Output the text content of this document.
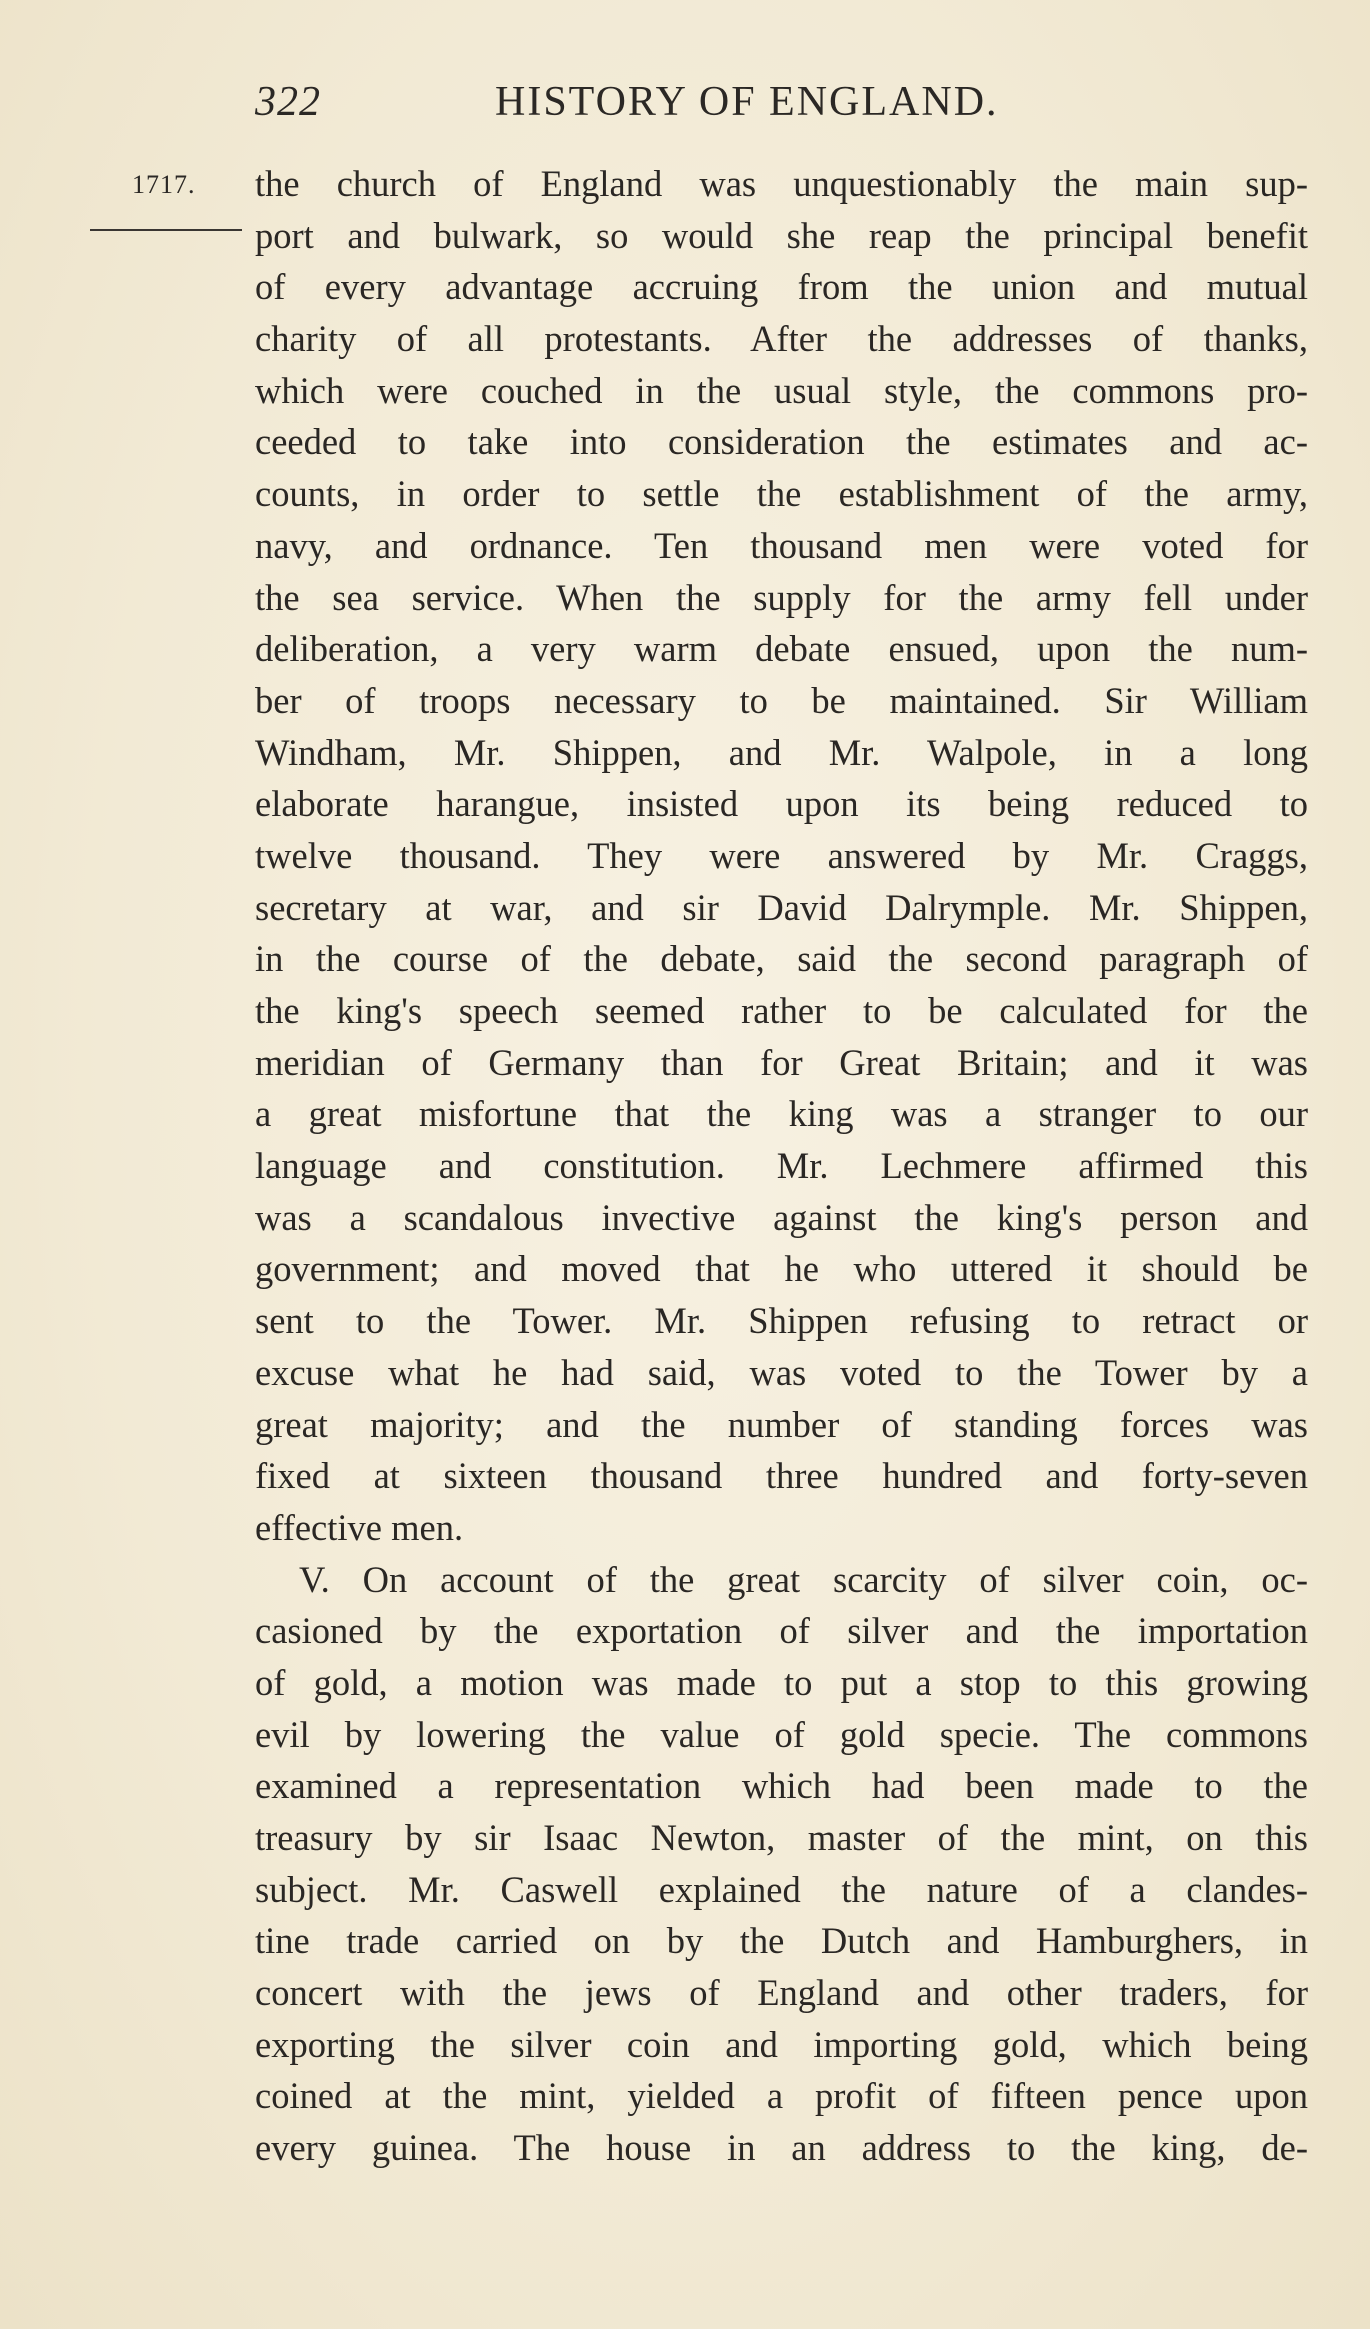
322	HISTORY OF ENGLAND.
1717. the church of England was unquestionably the main sup-
port and bulwark, so would she reap the principal benefit
of every advantage accruing from the union and mutual
charity of all protestants. After the addresses of thanks,
which were couched in the usual style, the commons pro-
ceeded to take into consideration the estimates and ac-
counts, in order to settle the establishment of the army,
navy, and ordnance. Ten thousand men were voted for
the sea service. When the supply for the army fell under
deliberation, a very warm debate ensued, upon the num-
ber of troops necessary to be maintained. Sir William
Windham, Mr. Shippen, and Mr. Walpole, in a long
elaborate harangue, insisted upon its being reduced to
twelve thousand. They were answered by Mr. Craggs,
secretary at war, and sir David Dalrymple. Mr. Shippen,
in the course of the debate, said the second paragraph of
the king's speech seemed rather to be calculated for the
meridian of Germany than for Great Britain; and it was
a great misfortune that the king was a stranger to our
language and constitution. Mr. Lechmere affirmed this
was a scandalous invective against the king's person and
government; and moved that he who uttered it should be
sent to the Tower. Mr. Shippen refusing to retract or
excuse what he had said, was voted to the Tower by a
great majority; and the number of standing forces was
fixed at sixteen thousand three hundred and forty-seven
effective men.
V. On account of the great scarcity of silver coin, oc-
casioned by the exportation of silver and the importation
of gold, a motion was made to put a stop to this growing
evil by lowering the value of gold specie. The commons
examined a representation which had been made to the
treasury by sir Isaac Newton, master of the mint, on this
subject. Mr. Caswell explained the nature of a clandes-
tine trade carried on by the Dutch and Hamburghers, in
concert with the jews of England and other traders, for
exporting the silver coin and importing gold, which being
coined at the mint, yielded a profit of fifteen pence upon
every guinea. The house in an address to the king, de-
